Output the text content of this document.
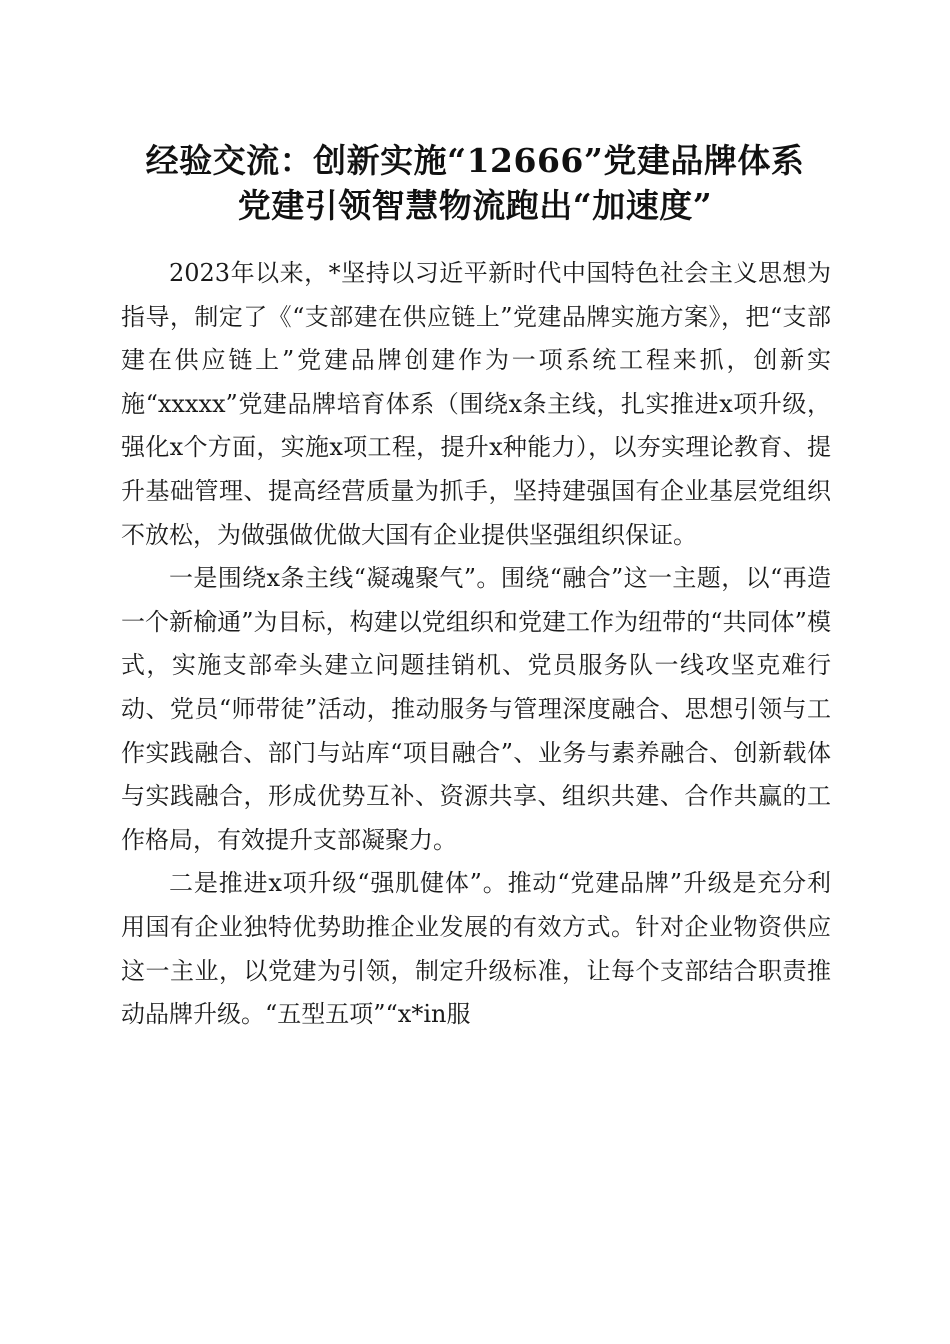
经验交流：创新实施“12666”党建品牌体系
党建引领智慧物流跑出“加速度”

2023年以来，*坚持以习近平新时代中国特色社会主义思想为指导，制定了《“支部建在供应链上”党建品牌实施方案》，把“支部建在供应链上”党建品牌创建作为一项系统工程来抓，创新实施“xxxxx”党建品牌培育体系（围绕x条主线，扎实推进x项升级，强化x个方面，实施x项工程，提升x种能力），以夯实理论教育、提升基础管理、提高经营质量为抓手，坚持建强国有企业基层党组织不放松，为做强做优做大国有企业提供坚强组织保证。

一是围绕x条主线“凝魂聚气”。围绕“融合”这一主题，以“再造一个新榆通”为目标，构建以党组织和党建工作为纽带的“共同体”模式，实施支部牵头建立问题挂销机、党员服务队一线攻坚克难行动、党员“师带徒”活动，推动服务与管理深度融合、思想引领与工作实践融合、部门与站库“项目融合”、业务与素养融合、创新载体与实践融合，形成优势互补、资源共享、组织共建、合作共赢的工作格局，有效提升支部凝聚力。

二是推进x项升级“强肌健体”。推动“党建品牌”升级是充分利用国有企业独特优势助推企业发展的有效方式。针对企业物资供应这一主业，以党建为引领，制定升级标准，让每个支部结合职责推动品牌升级。“五型五项”“x*in服
